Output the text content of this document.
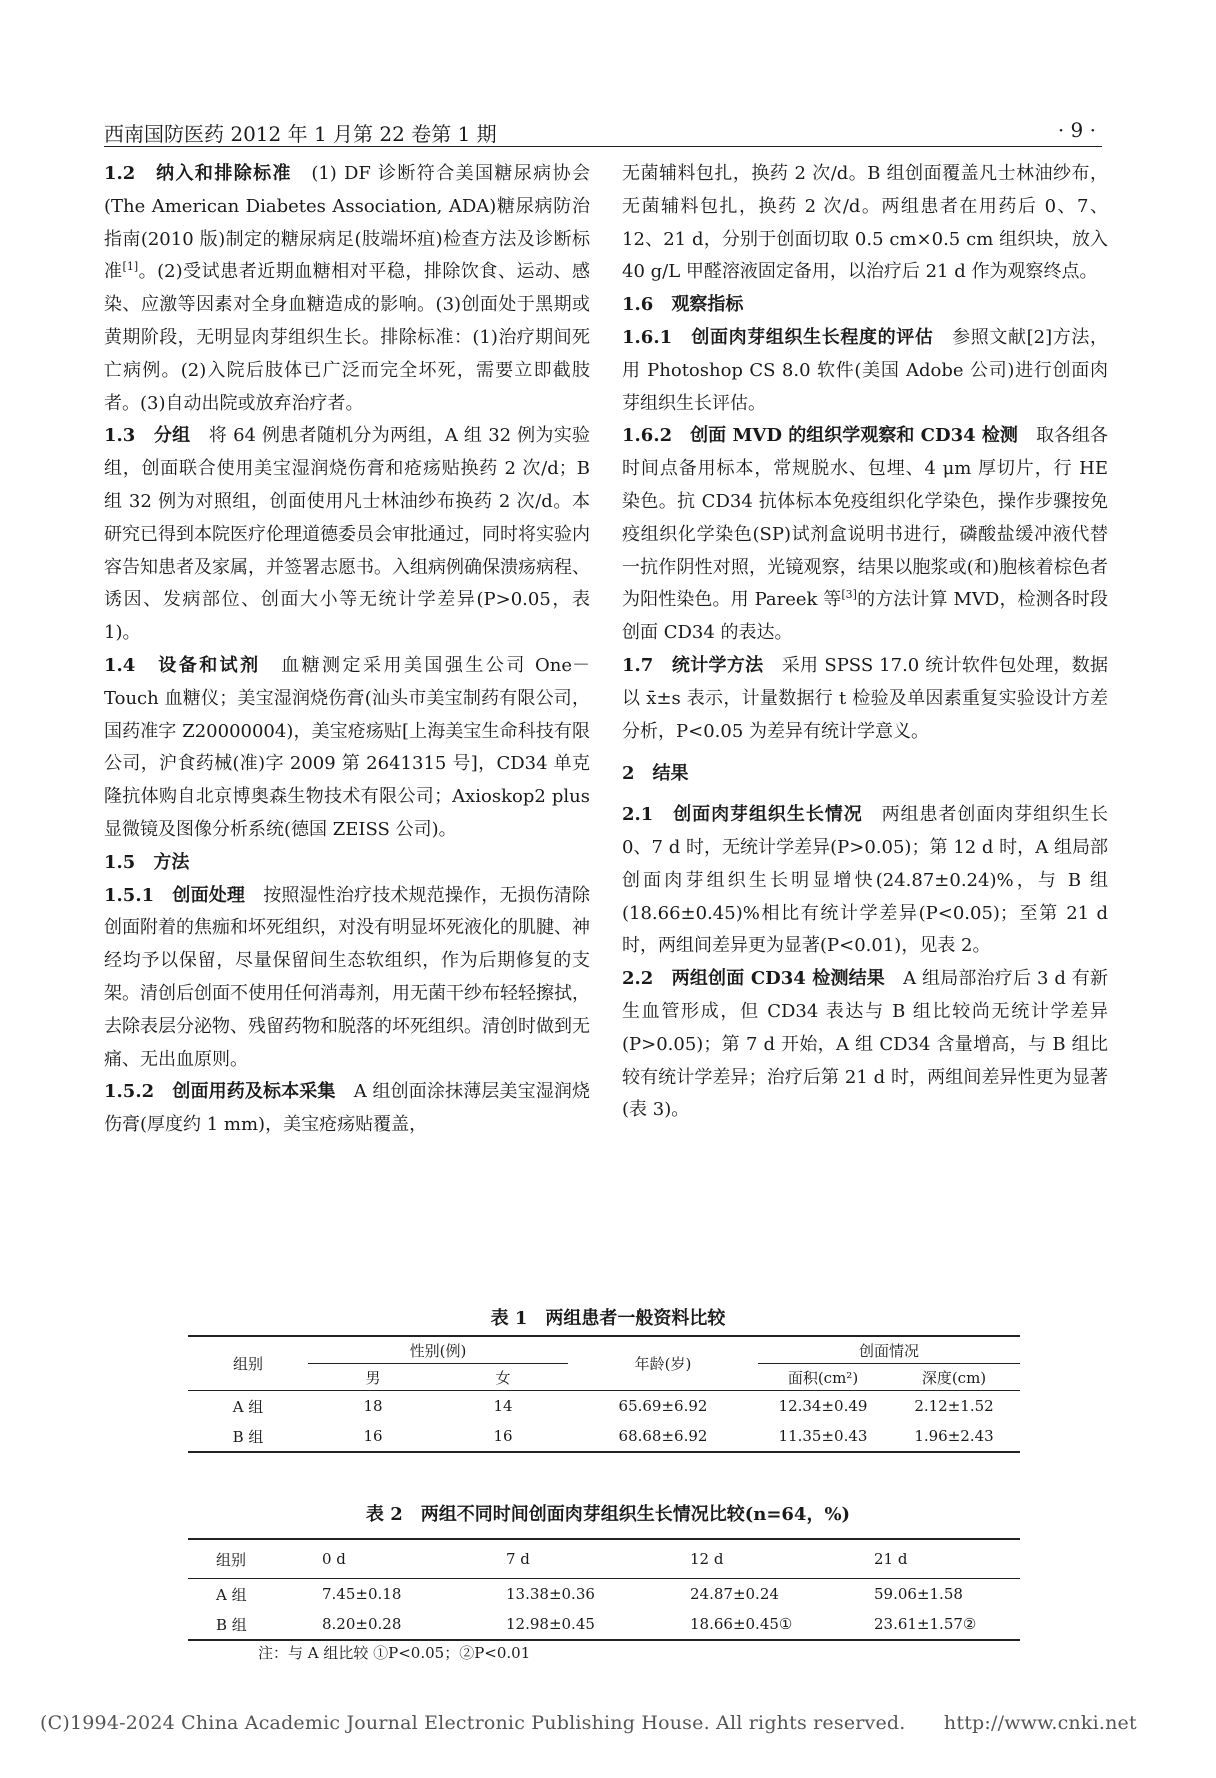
西南国防医药 2012 年 1 月第 22 卷第 1 期	· 9 ·

1.2　纳入和排除标准　(1) DF 诊断符合美国糖尿病协会(The American Diabetes Association, ADA)糖尿病防治指南(2010 版)制定的糖尿病足(肢端坏疽)检查方法及诊断标准[1]。(2)受试患者近期血糖相对平稳，排除饮食、运动、感染、应激等因素对全身血糖造成的影响。(3)创面处于黑期或黄期阶段，无明显肉芽组织生长。排除标准：(1)治疗期间死亡病例。(2)入院后肢体已广泛而完全坏死，需要立即截肢者。(3)自动出院或放弃治疗者。

1.3　分组　将 64 例患者随机分为两组，A 组 32 例为实验组，创面联合使用美宝湿润烧伤膏和疮疡贴换药 2 次/d；B 组 32 例为对照组，创面使用凡士林油纱布换药 2 次/d。本研究已得到本院医疗伦理道德委员会审批通过，同时将实验内容告知患者及家属，并签署志愿书。入组病例确保溃疡病程、诱因、发病部位、创面大小等无统计学差异(P>0.05，表 1)。

1.4　设备和试剂　血糖测定采用美国强生公司 One－Touch 血糖仪；美宝湿润烧伤膏(汕头市美宝制药有限公司，国药准字 Z20000004)，美宝疮疡贴[上海美宝生命科技有限公司，沪食药械(准)字 2009 第 2641315 号]，CD34 单克隆抗体购自北京博奥森生物技术有限公司；Axioskop2 plus 显微镜及图像分析系统(德国 ZEISS 公司)。

1.5　方法

1.5.1　创面处理　按照湿性治疗技术规范操作，无损伤清除创面附着的焦痂和坏死组织，对没有明显坏死液化的肌腱、神经均予以保留，尽量保留间生态软组织，作为后期修复的支架。清创后创面不使用任何消毒剂，用无菌干纱布轻轻擦拭，去除表层分泌物、残留药物和脱落的坏死组织。清创时做到无痛、无出血原则。

1.5.2　创面用药及标本采集　A 组创面涂抹薄层美宝湿润烧伤膏(厚度约 1 mm)，美宝疮疡贴覆盖，

无菌辅料包扎，换药 2 次/d。B 组创面覆盖凡士林油纱布，无菌辅料包扎，换药 2 次/d。两组患者在用药后 0、7、12、21 d，分别于创面切取 0.5 cm×0.5 cm 组织块，放入 40 g/L 甲醛溶液固定备用，以治疗后 21 d 作为观察终点。

1.6　观察指标

1.6.1　创面肉芽组织生长程度的评估　参照文献[2]方法，用 Photoshop CS 8.0 软件(美国 Adobe 公司)进行创面肉芽组织生长评估。

1.6.2　创面 MVD 的组织学观察和 CD34 检测　取各组各时间点备用标本，常规脱水、包埋、4 μm 厚切片，行 HE 染色。抗 CD34 抗体标本免疫组织化学染色，操作步骤按免疫组织化学染色(SP)试剂盒说明书进行，磷酸盐缓冲液代替一抗作阴性对照，光镜观察，结果以胞浆或(和)胞核着棕色者为阳性染色。用 Pareek 等[3]的方法计算 MVD，检测各时段创面 CD34 的表达。

1.7　统计学方法　采用 SPSS 17.0 统计软件包处理，数据以 x̄±s 表示，计量数据行 t 检验及单因素重复实验设计方差分析，P<0.05 为差异有统计学意义。

2　结果

2.1　创面肉芽组织生长情况　两组患者创面肉芽组织生长 0、7 d 时，无统计学差异(P>0.05)；第 12 d 时，A 组局部创面肉芽组织生长明显增快(24.87±0.24)%，与 B 组(18.66±0.45)%相比有统计学差异(P<0.05)；至第 21 d 时，两组间差异更为显著(P<0.01)，见表 2。

2.2　两组创面 CD34 检测结果　A 组局部治疗后 3 d 有新生血管形成，但 CD34 表达与 B 组比较尚无统计学差异(P>0.05)；第 7 d 开始，A 组 CD34 含量增高，与 B 组比较有统计学差异；治疗后第 21 d 时，两组间差异性更为显著(表 3)。

表 1　两组患者一般资料比较
组别	性别(例)		年龄(岁)	创面情况	
	男	女		面积(cm²)	深度(cm)
A 组	18	14	65.69±6.92	12.34±0.49	2.12±1.52
B 组	16	16	68.68±6.92	11.35±0.43	1.96±2.43
表 2　两组不同时间创面肉芽组织生长情况比较(n=64，%)
组别	0 d	7 d	12 d	21 d
A 组	7.45±0.18	13.38±0.36	24.87±0.24	59.06±1.58
B 组	8.20±0.28	12.98±0.45	18.66±0.45①	23.61±1.57②
注：与 A 组比较 ①P<0.05；②P<0.01
(C)1994-2024 China Academic Journal Electronic Publishing House. All rights reserved.　　http://www.cnki.net
